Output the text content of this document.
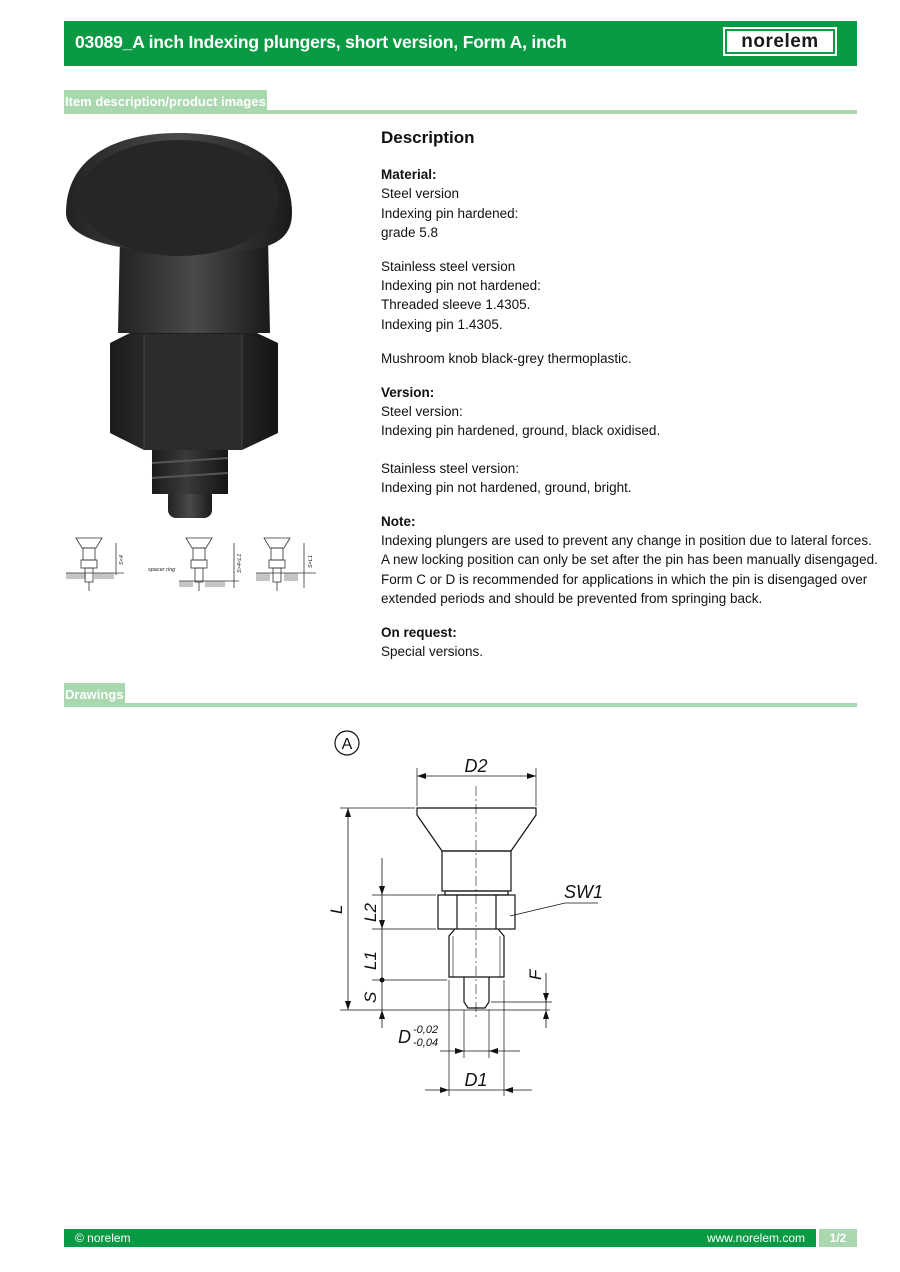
03089_A inch Indexing plungers, short version, Form A, inch	norelem
Item description/product images
S<4
spacer ring	S>4<L1	S=L1
Description
Material:
Steel version
Indexing pin hardened:
grade 5.8
Stainless steel version
Indexing pin not hardened:
Threaded sleeve 1.4305.
Indexing pin 1.4305.
Mushroom knob black-grey thermoplastic.
Version:
Steel version:
Indexing pin hardened, ground, black oxidised.
Stainless steel version:
Indexing pin not hardened, ground, bright.
Note:
Indexing plungers are used to prevent any change in position due to lateral forces.
A new locking position can only be set after the pin has been manually disengaged.
Form C or D is recommended for applications in which the pin is disengaged over
extended periods and should be prevented from springing back.
On request:
Special versions.
Drawings
A
D2
L L2
L1
S
SW1
F
D -0,02
-0,04
D1
© norelem	www.norelem.com	1/2
